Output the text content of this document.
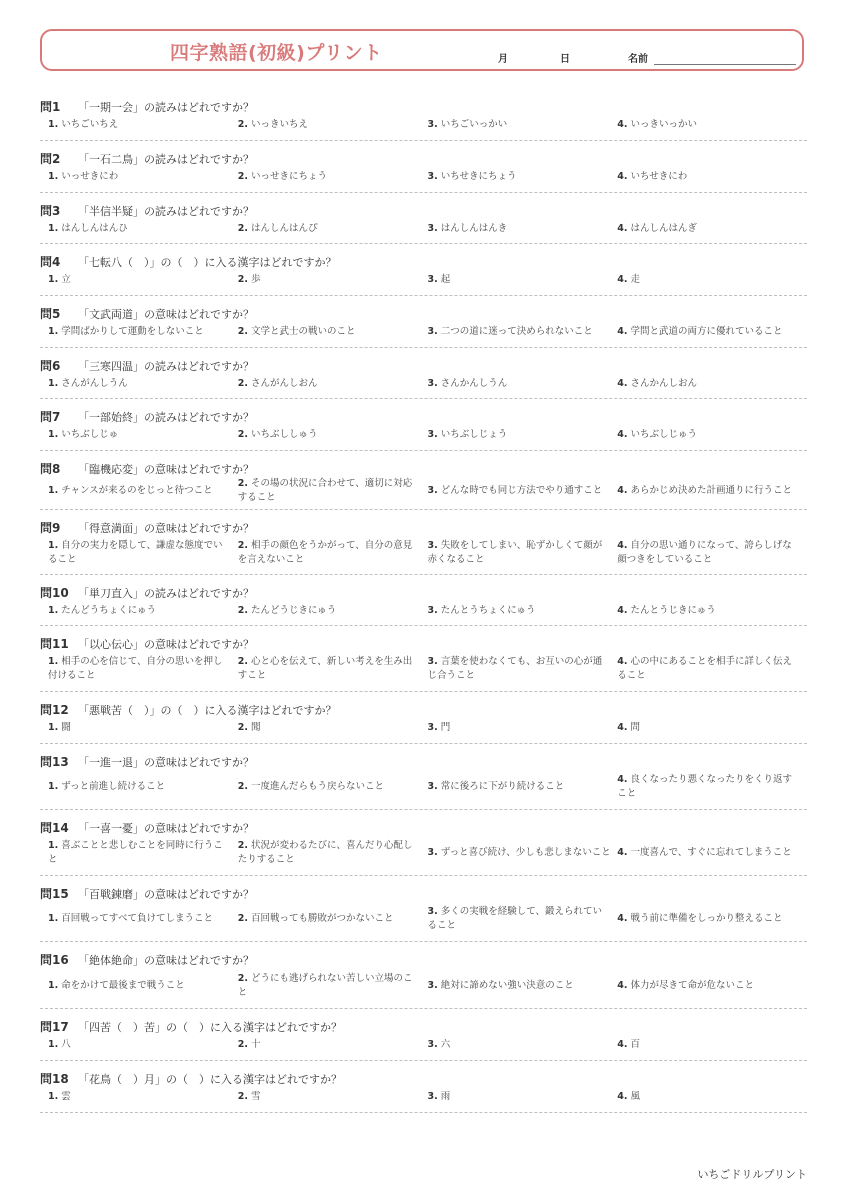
四字熟語(初級)プリント	月	日	名前
問1 「一期一会」の読みはどれですか？
1. いちごいちえ	2. いっきいちえ	3. いちごいっかい	4. いっきいっかい
問2 「一石二鳥」の読みはどれですか？
1. いっせきにわ	2. いっせきにちょう	3. いちせきにちょう	4. いちせきにわ
問3 「半信半疑」の読みはどれですか？
1. はんしんはんひ	2. はんしんはんぴ	3. はんしんはんき	4. はんしんはんぎ
問4 「七転八（　）」の（　）に入る漢字はどれですか？
1. 立	2. 歩	3. 起	4. 走
問5 「文武両道」の意味はどれですか？
1. 学問ばかりして運動をしないこと	2. 文学と武士の戦いのこと	3. 二つの道に迷って決められないこと	4. 学問と武道の両方に優れていること
問6 「三寒四温」の読みはどれですか？
1. さんがんしうん	2. さんがんしおん	3. さんかんしうん	4. さんかんしおん
問7 「一部始終」の読みはどれですか？
1. いちぶしじゅ	2. いちぶししゅう	3. いちぶしじょう	4. いちぶしじゅう
問8 「臨機応変」の意味はどれですか？
1. チャンスが来るのをじっと待つこと
2. その場の状況に合わせて、適切に対応すること
3. どんな時でも同じ方法でやり通すこと	4. あらかじめ決めた計画通りに行うこと
問9 「得意満面」の意味はどれですか？
1. 自分の実力を隠して、謙虚な態度でいること
2. 相手の顔色をうかがって、自分の意見を言えないこと
3. 失敗をしてしまい、恥ずかしくて顔が赤くなること
4. 自分の思い通りになって、誇らしげな顔つきをしていること
問10 「単刀直入」の読みはどれですか？
1. たんどうちょくにゅう	2. たんどうじきにゅう	3. たんとうちょくにゅう	4. たんとうじきにゅう
問11 「以心伝心」の意味はどれですか？
1. 相手の心を信じて、自分の思いを押し付けること
2. 心と心を伝えて、新しい考えを生み出すこと
3. 言葉を使わなくても、お互いの心が通じ合うこと
4. 心の中にあることを相手に詳しく伝えること
問12 「悪戦苦（　）」の（　）に入る漢字はどれですか？
1. 闘	2. 聞	3. 門	4. 問
問13 「一進一退」の意味はどれですか？
1. ずっと前進し続けること	2. 一度進んだらもう戻らないこと	3. 常に後ろに下がり続けること
4. 良くなったり悪くなったりをくり返すこと
問14 「一喜一憂」の意味はどれですか？
1. 喜ぶことと悲しむことを同時に行うこと
2. 状況が変わるたびに、喜んだり心配したりすること
3. ずっと喜び続け、少しも悲しまないこと 4. 一度喜んで、すぐに忘れてしまうこと
問15 「百戦錬磨」の意味はどれですか？
1. 百回戦ってすべて負けてしまうこと	2. 百回戦っても勝敗がつかないこと
3. 多くの実戦を経験して、鍛えられていること
4. 戦う前に準備をしっかり整えること
問16 「絶体絶命」の意味はどれですか？
1. 命をかけて最後まで戦うこと
2. どうにも逃げられない苦しい立場のこと
3. 絶対に諦めない強い決意のこと	4. 体力が尽きて命が危ないこと
問17 「四苦（　）苦」の（　）に入る漢字はどれですか？
1. 八	2. 十	3. 六	4. 百
問18 「花鳥（　）月」の（　）に入る漢字はどれですか？
1. 雲	2. 雪	3. 雨	4. 風
いちごドリルプリント
